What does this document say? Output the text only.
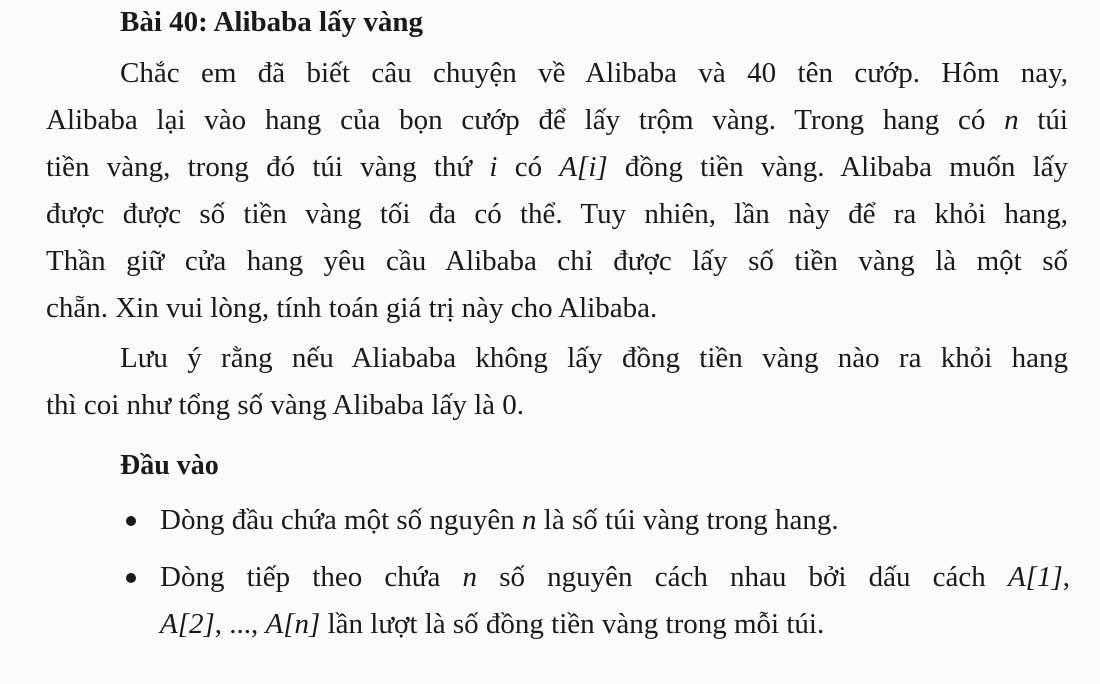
Bài 40: Alibaba lấy vàng

Chắc em đã biết câu chuyện về Alibaba và 40 tên cướp. Hôm nay,
Alibaba lại vào hang của bọn cướp để lấy trộm vàng. Trong hang có n túi
tiền vàng, trong đó túi vàng thứ i có A[i] đồng tiền vàng. Alibaba muốn lấy
được được số tiền vàng tối đa có thể. Tuy nhiên, lần này để ra khỏi hang,
Thần giữ cửa hang yêu cầu Alibaba chỉ được lấy số tiền vàng là một số
chẵn. Xin vui lòng, tính toán giá trị này cho Alibaba.

Lưu ý rằng nếu Aliababa không lấy đồng tiền vàng nào ra khỏi hang
thì coi như tổng số vàng Alibaba lấy là 0.

Đầu vào
Dòng đầu chứa một số nguyên n là số túi vàng trong hang.
Dòng tiếp theo chứa n số nguyên cách nhau bởi dấu cách A[1],
A[2], ..., A[n] lần lượt là số đồng tiền vàng trong mỗi túi.
